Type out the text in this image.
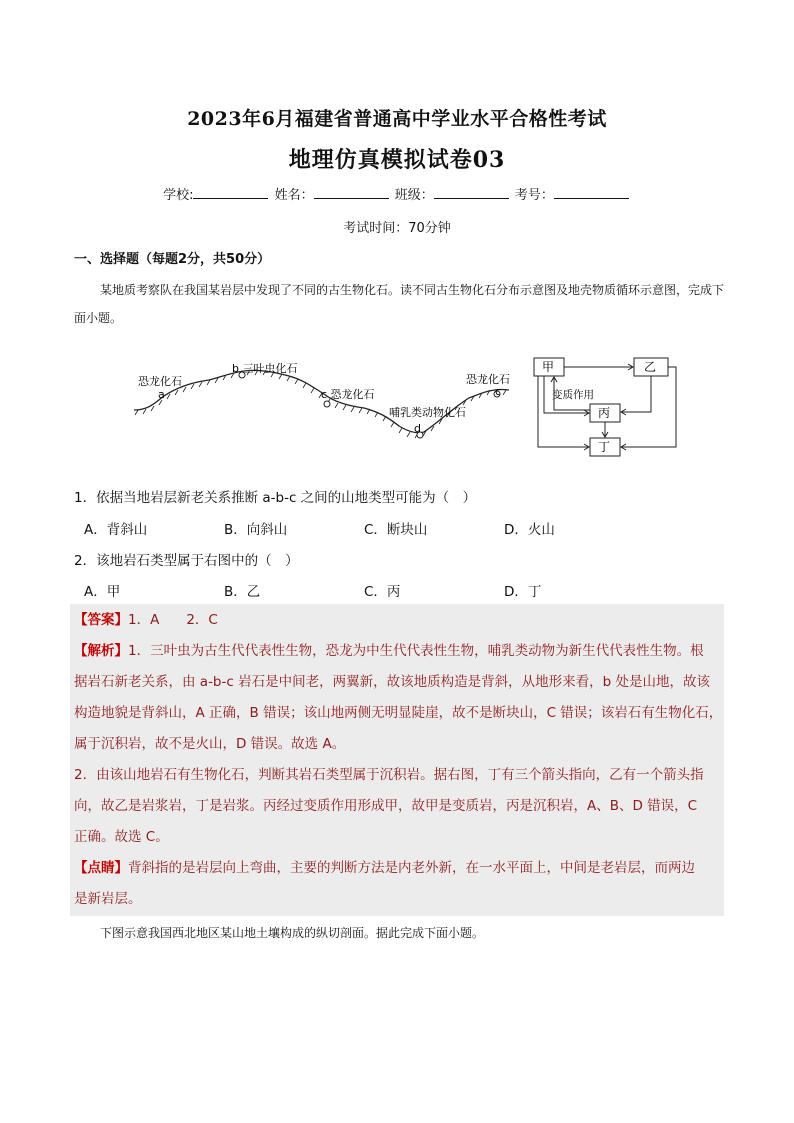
2023年6月福建省普通高中学业水平合格性考试
地理仿真模拟试卷03
学校:	姓名：	班级：	考号：
考试时间：70分钟
一、选择题（每题2分，共50分）
某地质考察队在我国某岩层中发现了不同的古生物化石。读不同古生物化石分布示意图及地壳物质循环示意图，完成下面小题。
恐龙化石
a
b 三叶虫化石
c 恐龙化石
哺乳类动物化石
d
恐龙化石
c
甲	乙
丙
丁
变质作用
1．依据当地岩层新老关系推断 a-b-c 之间的山地类型可能为（　）
A．背斜山	B．向斜山	C．断块山	D．火山
2．该地岩石类型属于右图中的（　）
A．甲	B．乙	C．丙	D．丁
【答案】1．A　　2．C
【解析】1．三叶虫为古生代代表性生物，恐龙为中生代代表性生物，哺乳类动物为新生代代表性生物。根
据岩石新老关系，由 a-b-c 岩石是中间老，两翼新，故该地质构造是背斜，从地形来看，b 处是山地，故该
构造地貌是背斜山，A 正确，B 错误；该山地两侧无明显陡崖，故不是断块山，C 错误；该岩石有生物化石，
属于沉积岩，故不是火山，D 错误。故选 A。
2．由该山地岩石有生物化石，判断其岩石类型属于沉积岩。据右图，丁有三个箭头指向，乙有一个箭头指
向，故乙是岩浆岩，丁是岩浆。丙经过变质作用形成甲，故甲是变质岩，丙是沉积岩，A、B、D 错误，C
正确。故选 C。
【点睛】背斜指的是岩层向上弯曲，主要的判断方法是内老外新，在一水平面上，中间是老岩层，而两边
是新岩层。
下图示意我国西北地区某山地土壤构成的纵切剖面。据此完成下面小题。
